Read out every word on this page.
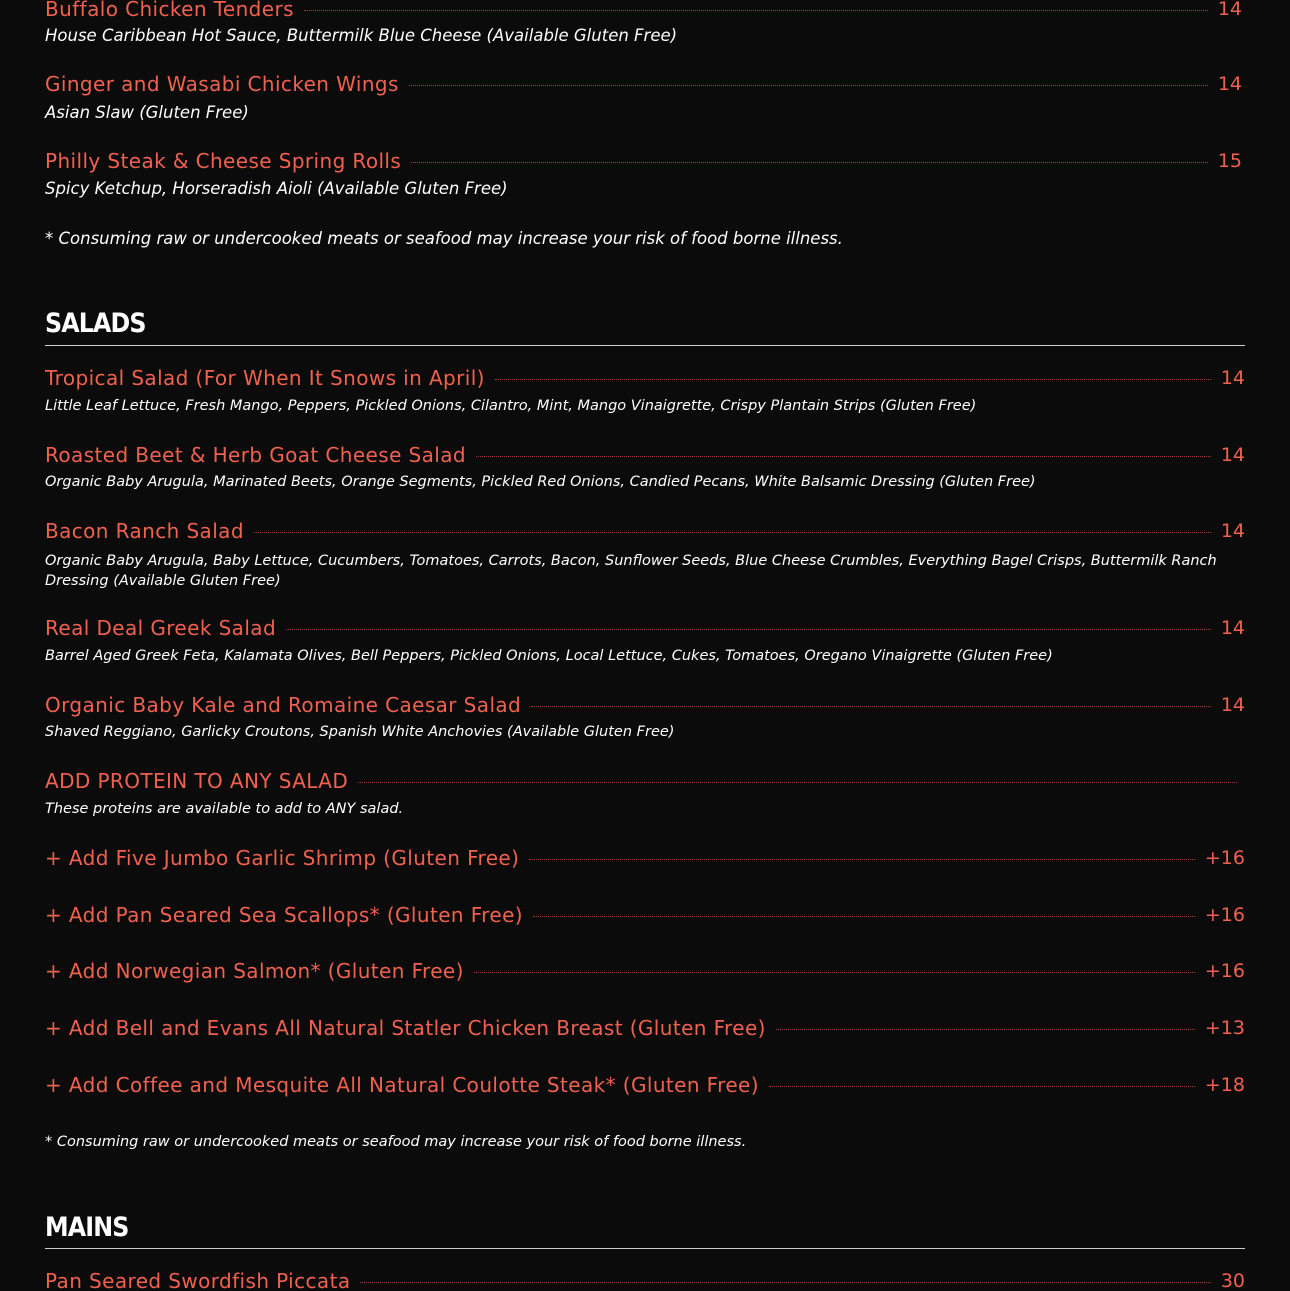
Buffalo Chicken Tenders	14
House Caribbean Hot Sauce, Buttermilk Blue Cheese (Available Gluten Free)
Ginger and Wasabi Chicken Wings	14
Asian Slaw (Gluten Free)
Philly Steak & Cheese Spring Rolls	15
Spicy Ketchup, Horseradish Aioli (Available Gluten Free)
* Consuming raw or undercooked meats or seafood may increase your risk of food borne illness.
SALADS
Tropical Salad (For When It Snows in April)	14
Little Leaf Lettuce, Fresh Mango, Peppers, Pickled Onions, Cilantro, Mint, Mango Vinaigrette, Crispy Plantain Strips (Gluten Free)
Roasted Beet & Herb Goat Cheese Salad	14
Organic Baby Arugula, Marinated Beets, Orange Segments, Pickled Red Onions, Candied Pecans, White Balsamic Dressing (Gluten Free)
Bacon Ranch Salad	14
Organic Baby Arugula, Baby Lettuce, Cucumbers, Tomatoes, Carrots, Bacon, Sunflower Seeds, Blue Cheese Crumbles, Everything Bagel Crisps, Buttermilk Ranch Dressing (Available Gluten Free)
Real Deal Greek Salad	14
Barrel Aged Greek Feta, Kalamata Olives, Bell Peppers, Pickled Onions, Local Lettuce, Cukes, Tomatoes, Oregano Vinaigrette (Gluten Free)
Organic Baby Kale and Romaine Caesar Salad	14
Shaved Reggiano, Garlicky Croutons, Spanish White Anchovies (Available Gluten Free)
ADD PROTEIN TO ANY SALAD
These proteins are available to add to ANY salad.
+ Add Five Jumbo Garlic Shrimp (Gluten Free)	+16
+ Add Pan Seared Sea Scallops* (Gluten Free)	+16
+ Add Norwegian Salmon* (Gluten Free)	+16
+ Add Bell and Evans All Natural Statler Chicken Breast (Gluten Free)	+13
+ Add Coffee and Mesquite All Natural Coulotte Steak* (Gluten Free)	+18
* Consuming raw or undercooked meats or seafood may increase your risk of food borne illness.
MAINS
Pan Seared Swordfish Piccata	30
